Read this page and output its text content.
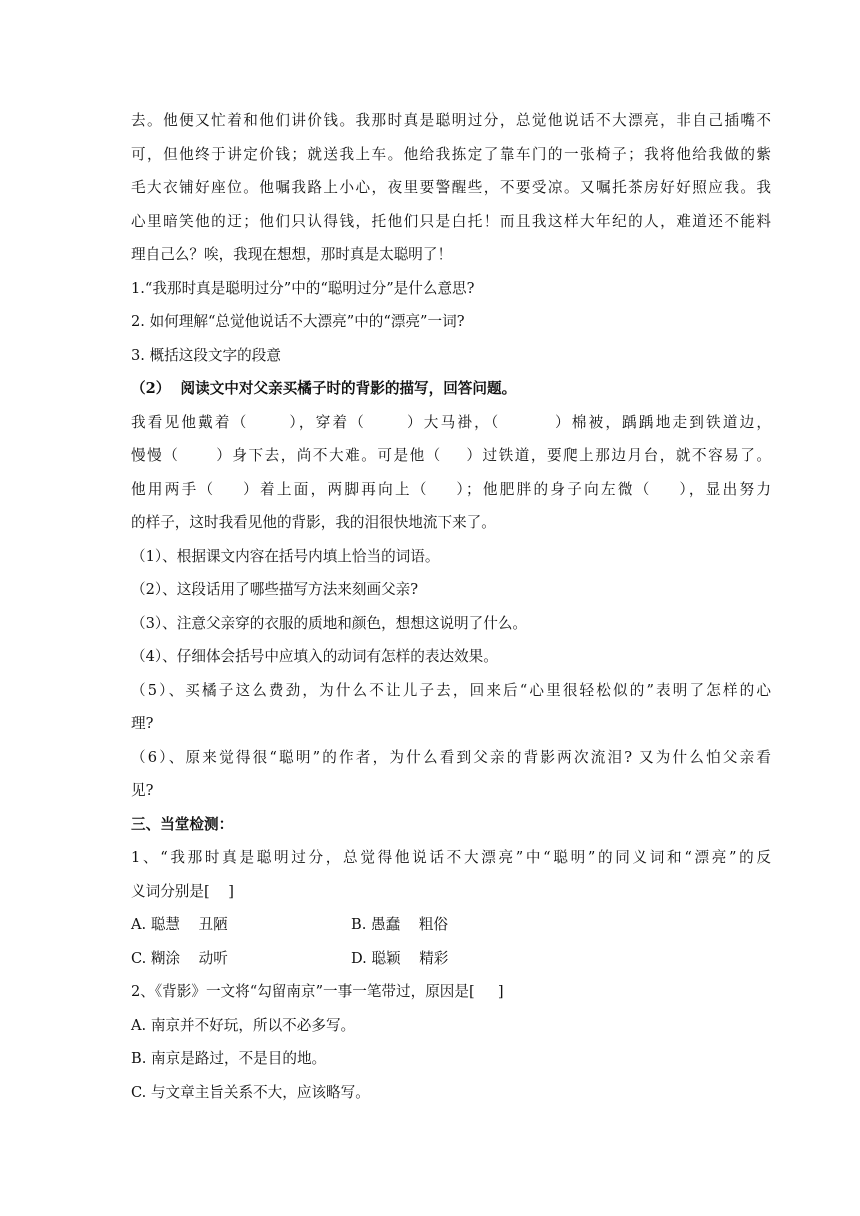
去。他便又忙着和他们讲价钱。我那时真是聪明过分，总觉他说话不大漂亮，非自己插嘴不

可，但他终于讲定价钱；就送我上车。他给我拣定了靠车门的一张椅子；我将他给我做的紫

毛大衣铺好座位。他嘱我路上小心，夜里要警醒些，不要受凉。又嘱托茶房好好照应我。我

心里暗笑他的迂；他们只认得钱，托他们只是白托！而且我这样大年纪的人，难道还不能料

理自己么？唉，我现在想想，那时真是太聪明了！

1.“我那时真是聪明过分”中的“聪明过分”是什么意思?

2. 如何理解“总觉他说话不大漂亮”中的“漂亮”一词?

3. 概括这段文字的段意

（2）  阅读文中对父亲买橘子时的背影的描写，回答问题。

我看见他戴着（      ），穿着（      ）大马褂，（        ）棉被，踽踽地走到铁道边，

慢慢（      ）身下去，尚不大难。可是他（    ）过铁道，要爬上那边月台，就不容易了。

他用两手（    ）着上面，两脚再向上（    ）；他肥胖的身子向左微（    ），显出努力

的样子，这时我看见他的背影，我的泪很快地流下来了。

（1）、根据课文内容在括号内填上恰当的词语。

（2）、这段话用了哪些描写方法来刻画父亲?

（3）、注意父亲穿的衣服的质地和颜色，想想这说明了什么。

（4）、仔细体会括号中应填入的动词有怎样的表达效果。

（5）、买橘子这么费劲，为什么不让儿子去，回来后“心里很轻松似的”表明了怎样的心

理?

（6）、原来觉得很“聪明”的作者，为什么看到父亲的背影两次流泪? 又为什么怕父亲看

见?

三、当堂检测：

1、“我那时真是聪明过分，总觉得他说话不大漂亮”中“聪明”的同义词和“漂亮”的反

义词分别是[    ]

A. 聪慧    丑陋	B. 愚蠢    粗俗
C. 糊涂    动听	D. 聪颖    精彩

2、《背影》一文将“勾留南京”一事一笔带过，原因是[     ]

A. 南京并不好玩，所以不必多写。

B. 南京是路过，不是目的地。

C. 与文章主旨关系不大，应该略写。
